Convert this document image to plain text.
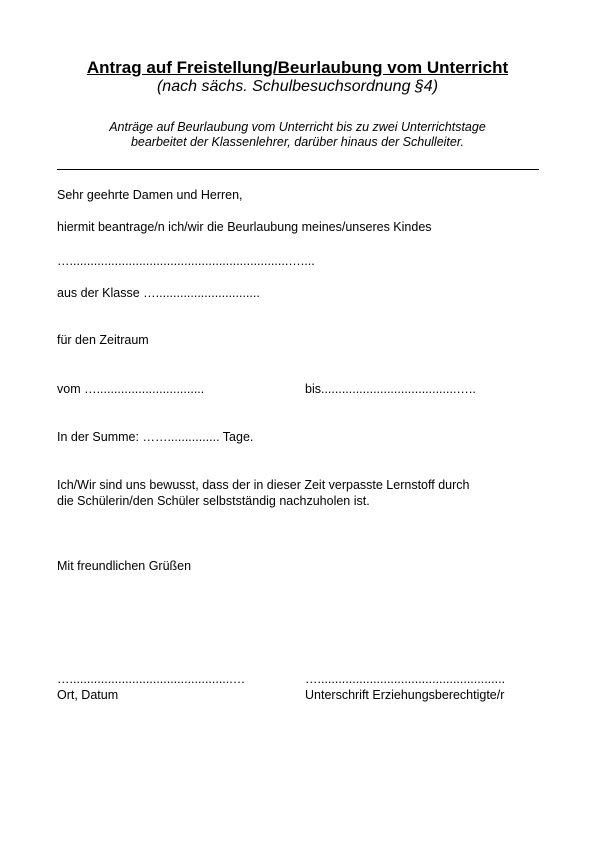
Antrag auf Freistellung/Beurlaubung vom Unterricht
(nach sächs. Schulbesuchsordnung §4)
Anträge auf Beurlaubung vom Unterricht bis zu zwei Unterrichtstage
bearbeitet der Klassenlehrer, darüber hinaus der Schulleiter.
Sehr geehrte Damen und Herren,
hiermit beantrage/n ich/wir die Beurlaubung meines/unseres Kindes
…...............................................................…....
aus der Klasse …..............................
für den Zeitraum
vom …...............................	bis.......................................…..
In der Summe: ……............... Tage.
Ich/Wir sind uns bewusst, dass der in dieser Zeit verpasste Lernstoff durch
die Schülerin/den Schüler selbstständig nachzuholen ist.
Mit freundlichen Grüßen
…...............................................…
Ort, Datum
…......................................................
Unterschrift Erziehungsberechtigte/r
